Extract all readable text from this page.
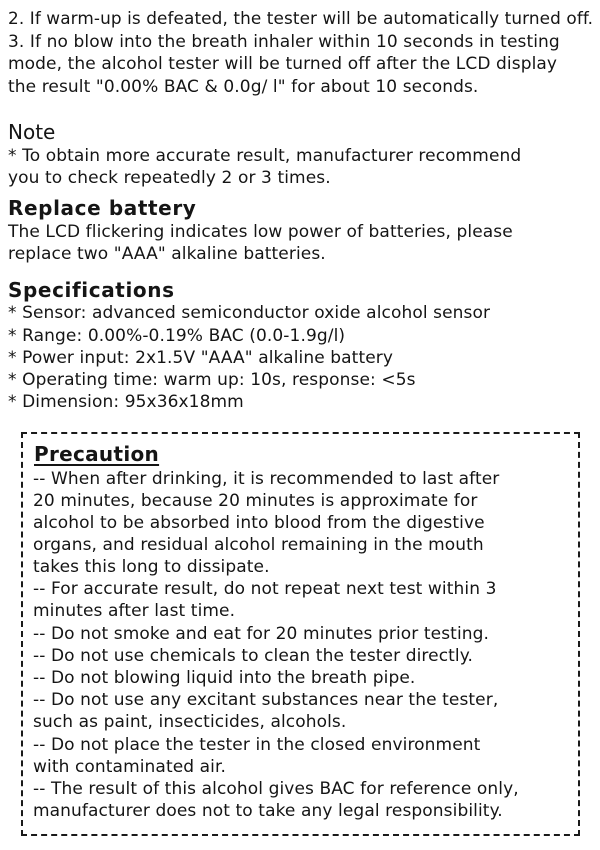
2. If warm-up is defeated, the tester will be automatically turned off.
3. If no blow into the breath inhaler within 10 seconds in testing
mode, the alcohol tester will be turned off after the LCD display
the result "0.00% BAC & 0.0g/ l" for about 10 seconds.
Note
* To obtain more accurate result, manufacturer recommend
you to check repeatedly 2 or 3 times.
Replace battery
The LCD flickering indicates low power of batteries, please
replace two "AAA" alkaline batteries.
Specifications
* Sensor: advanced semiconductor oxide alcohol sensor
* Range: 0.00%-0.19% BAC (0.0-1.9g/l)
* Power input: 2x1.5V "AAA" alkaline battery
* Operating time: warm up: 10s, response: <5s
* Dimension: 95x36x18mm
Precaution
-- When after drinking, it is recommended to last after
20 minutes, because 20 minutes is approximate for
alcohol to be absorbed into blood from the digestive
organs, and residual alcohol remaining in the mouth
takes this long to dissipate.
-- For accurate result, do not repeat next test within 3
minutes after last time.
-- Do not smoke and eat for 20 minutes prior testing.
-- Do not use chemicals to clean the tester directly.
-- Do not blowing liquid into the breath pipe.
-- Do not use any excitant substances near the tester,
such as paint, insecticides, alcohols.
-- Do not place the tester in the closed environment
with contaminated air.
-- The result of this alcohol gives BAC for reference only,
manufacturer does not to take any legal responsibility.
